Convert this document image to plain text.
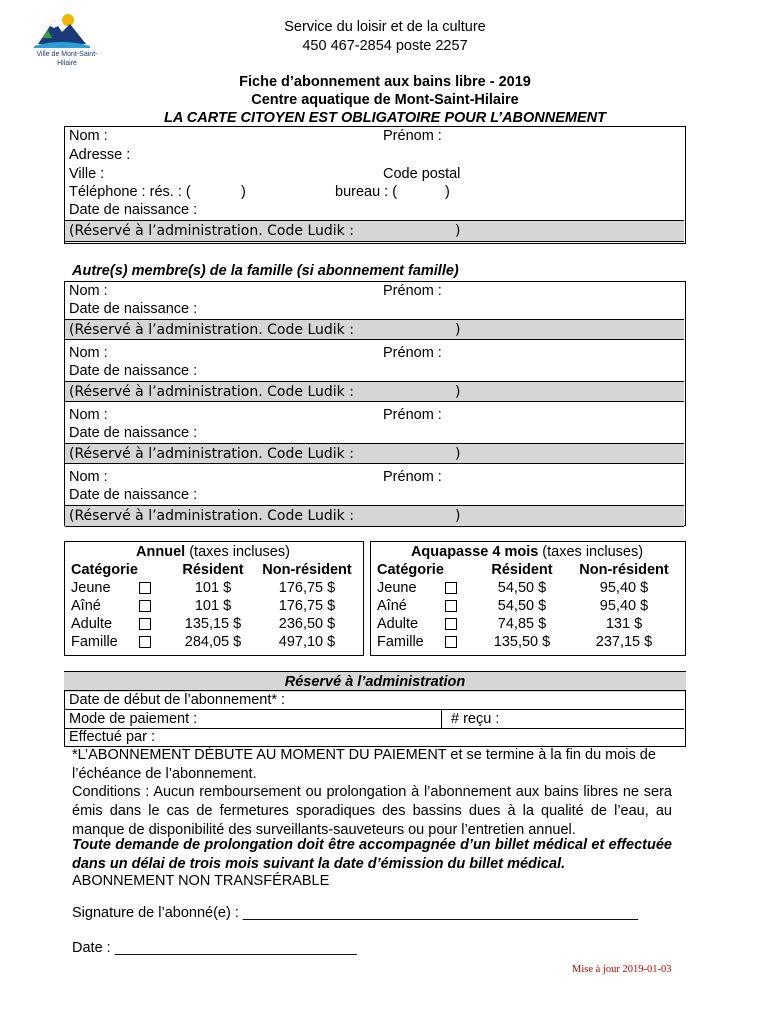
Ville de Mont-Saint-Hilaire
Service du loisir et de la culture
450 467-2854 poste 2257
Fiche d’abonnement aux bains libre - 2019
Centre aquatique de Mont-Saint-Hilaire
LA CARTE CITOYEN EST OBLIGATOIRE POUR L’ABONNEMENT
Nom :	Prénom :
Adresse :
Ville :	Code postal
Téléphone : rés. : (	)	bureau : (	)
Date de naissance :
(Réservé à l’administration. Code Ludik :	)
Autre(s) membre(s) de la famille (si abonnement famille)
Nom :	Prénom :
Date de naissance :
(Réservé à l’administration. Code Ludik :	)
Nom :	Prénom :
Date de naissance :
(Réservé à l’administration. Code Ludik :	)
Nom :	Prénom :
Date de naissance :
(Réservé à l’administration. Code Ludik :	)
Nom :	Prénom :
Date de naissance :
(Réservé à l’administration. Code Ludik :	)
Annuel (taxes incluses)		
Catégorie	Résident	Non-résident
Jeune	101 $	176,75 $
Aîné	101 $	176,75 $
Adulte	135,15 $	236,50 $
Famille	284,05 $	497,10 $
Aquapasse 4 mois (taxes incluses)		
Catégorie	Résident	Non-résident
Jeune	54,50 $	95,40 $
Aîné	54,50 $	95,40 $
Adulte	74,85 $	131 $
Famille	135,50 $	237,15 $
Réservé à l’administration
Date de début de l’abonnement* :
Mode de paiement :	# reçu :
Effectué par :
*L’ABONNEMENT DÉBUTE AU MOMENT DU PAIEMENT et se termine à la fin du mois de l’échéance de l’abonnement.
Conditions : Aucun remboursement ou prolongation à l’abonnement aux bains libres ne sera émis dans le cas de fermetures sporadiques des bassins dues à la qualité de l’eau, au manque de disponibilité des surveillants-sauveteurs ou pour l’entretien annuel.
Toute demande de prolongation doit être accompagnée d’un billet médical et effectuée dans un délai de trois mois suivant la date d’émission du billet médical.
ABONNEMENT NON TRANSFÉRABLE
Signature de l’abonné(e) : _________________________________________________
Date : ______________________________
Mise à jour 2019-01-03
